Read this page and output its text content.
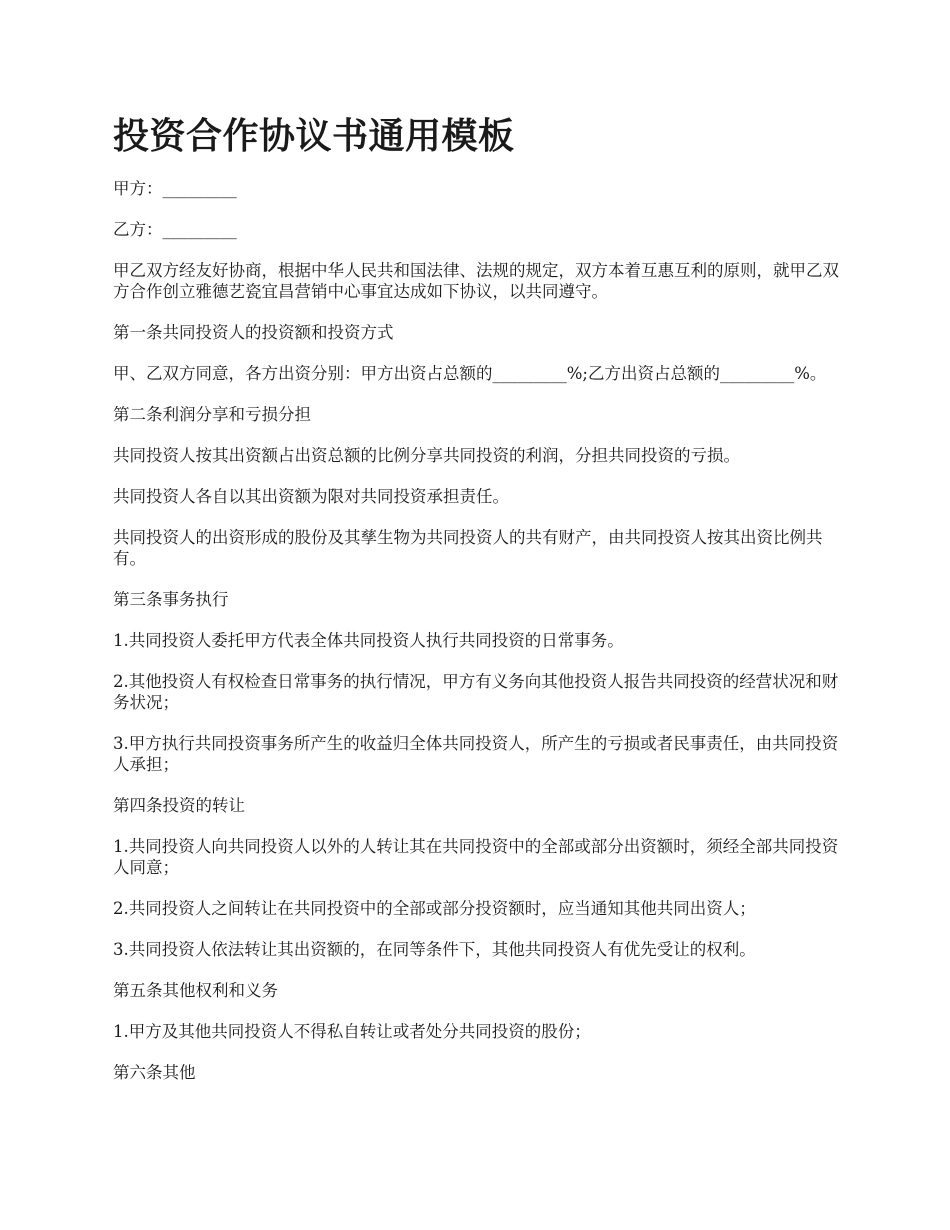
投资合作协议书通用模板

甲方：_________

乙方：_________

甲乙双方经友好协商，根据中华人民共和国法律、法规的规定，双方本着互惠互利的原则，就甲乙双方合作创立雅德艺瓷宜昌营销中心事宜达成如下协议，以共同遵守。

第一条共同投资人的投资额和投资方式

甲、乙双方同意，各方出资分别：甲方出资占总额的_________%;乙方出资占总额的_________%。

第二条利润分享和亏损分担

共同投资人按其出资额占出资总额的比例分享共同投资的利润，分担共同投资的亏损。

共同投资人各自以其出资额为限对共同投资承担责任。

共同投资人的出资形成的股份及其孳生物为共同投资人的共有财产，由共同投资人按其出资比例共有。

第三条事务执行

1.共同投资人委托甲方代表全体共同投资人执行共同投资的日常事务。

2.其他投资人有权检查日常事务的执行情况，甲方有义务向其他投资人报告共同投资的经营状况和财务状况；

3.甲方执行共同投资事务所产生的收益归全体共同投资人，所产生的亏损或者民事责任，由共同投资人承担；

第四条投资的转让

1.共同投资人向共同投资人以外的人转让其在共同投资中的全部或部分出资额时，须经全部共同投资人同意；

2.共同投资人之间转让在共同投资中的全部或部分投资额时，应当通知其他共同出资人；

3.共同投资人依法转让其出资额的，在同等条件下，其他共同投资人有优先受让的权利。

第五条其他权利和义务

1.甲方及其他共同投资人不得私自转让或者处分共同投资的股份；

第六条其他
